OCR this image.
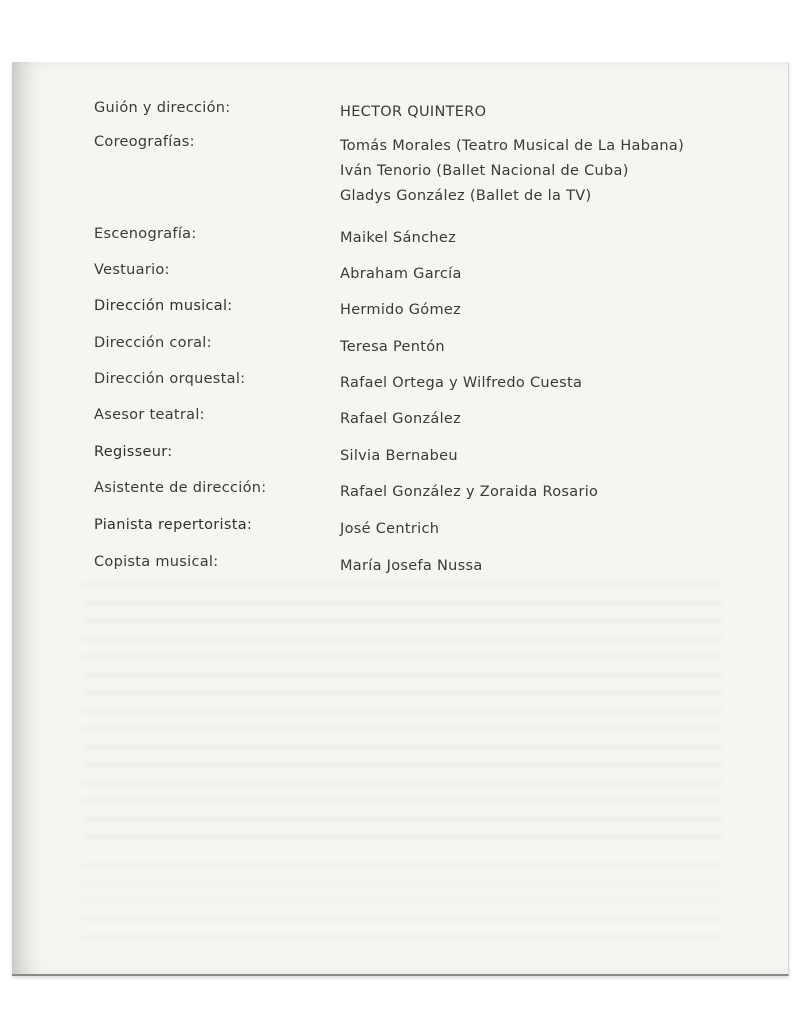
Guión y dirección:	HECTOR QUINTERO
Coreografías:	Tomás Morales (Teatro Musical de La Habana)
Iván Tenorio (Ballet Nacional de Cuba)
Gladys González (Ballet de la TV)
Escenografía:	Maikel Sánchez
Vestuario:	Abraham García
Dirección musical:	Hermido Gómez
Dirección coral:	Teresa Pentón
Dirección orquestal:	Rafael Ortega y Wilfredo Cuesta
Asesor teatral:	Rafael González
Regisseur:	Silvia Bernabeu
Asistente de dirección:	Rafael González y Zoraida Rosario
Pianista repertorista:	José Centrich
Copista musical:	María Josefa Nussa
